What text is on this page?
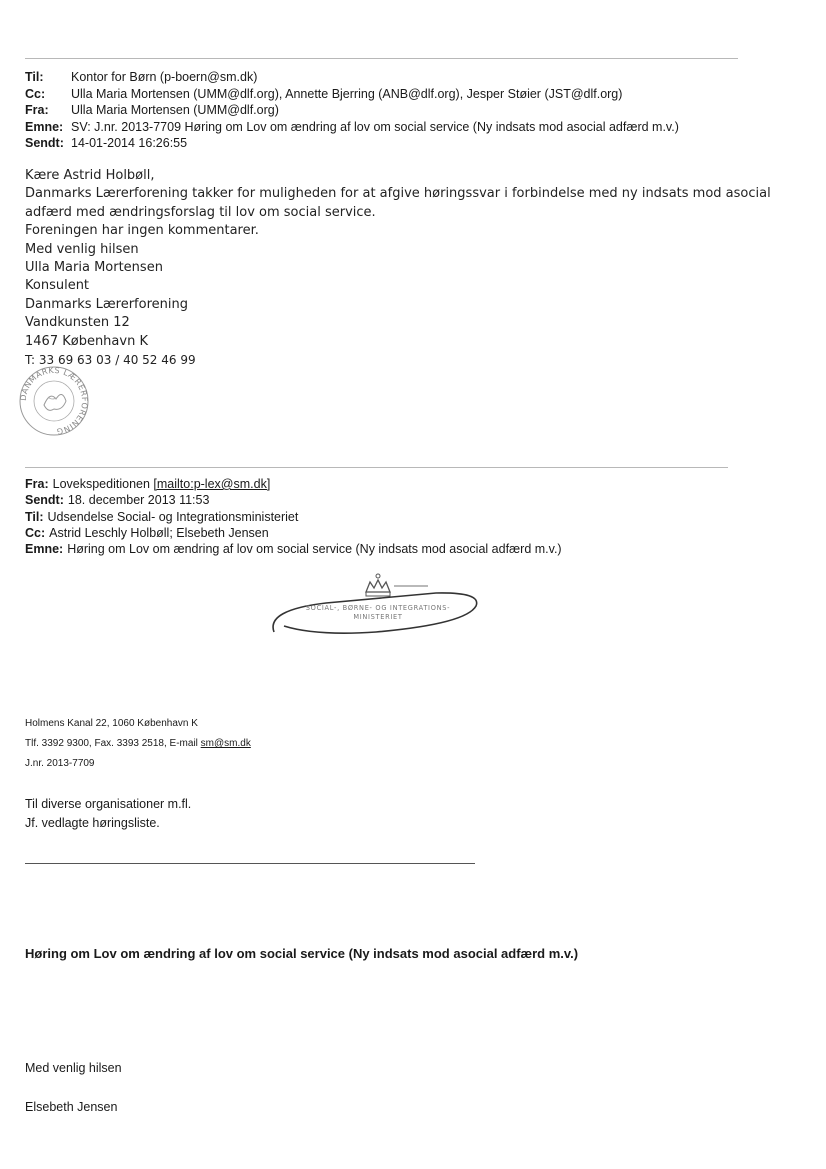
Til:	Kontor for Børn (p-boern@sm.dk)
Cc:	Ulla Maria Mortensen (UMM@dlf.org), Annette Bjerring (ANB@dlf.org), Jesper Støier (JST@dlf.org)
Fra:	Ulla Maria Mortensen (UMM@dlf.org)
Emne: SV: J.nr. 2013-7709 Høring om Lov om ændring af lov om social service (Ny indsats mod asocial adfærd m.v.)
Sendt: 14-01-2014 16:26:55

Kære Astrid Holbøll,

Danmarks Lærerforening takker for muligheden for at afgive høringssvar i forbindelse med ny indsats mod asocial

adfærd med ændringsforslag til lov om social service.

Foreningen har ingen kommentarer.

Med venlig hilsen

Ulla Maria Mortensen

Konsulent

Danmarks Lærerforening

Vandkunsten 12

1467 København K

T: 33 69 63 03 / 40 52 46 99

DANMARKS LÆRERFORENING
Fra: Lovekspeditionen
[mailto:p-lex@sm.dk]
Sendt: 18. december 2013 11:53
Til: Udsendelse Social- og Integrationsministeriet
Cc: Astrid Leschly Holbøll; Elsebeth Jensen
Emne: Høring om Lov om ændring af lov om social service (Ny indsats mod asocial adfærd m.v.)
SOCIAL-, BØRNE- OG INTEGRATIONS-
MINISTERIET
Holmens Kanal 22, 1060 København K
Tlf. 3392 9300, Fax. 3393 2518, E-mail sm@sm.dk
J.nr. 2013-7709
Til diverse organisationer m.fl.
Jf. vedlagte høringsliste.
Høring om Lov om ændring af lov om social service (Ny indsats mod asocial adfærd m.v.)
Med venlig hilsen
Elsebeth Jensen
